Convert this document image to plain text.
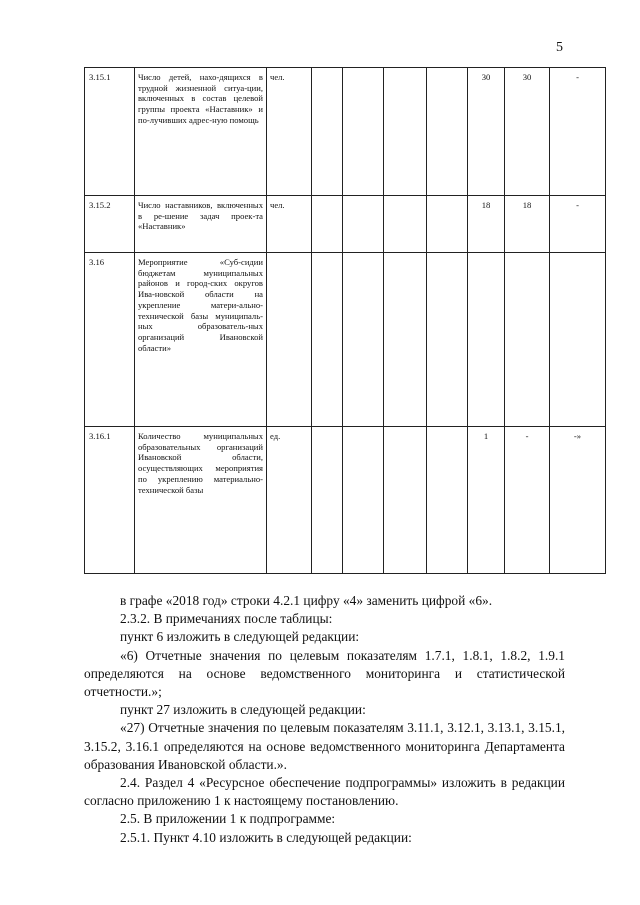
5
3.15.1	Число детей, нахо-дящихся в трудной жизненной ситуа-ции, включенных в состав целевой группы проекта «Наставник» и по-лучивших адрес-ную помощь	чел.					30	30	-
3.15.2	Число наставников, включенных в ре-шение задач проек-та «Наставник»	чел.					18	18	-
3.16	Мероприятие «Суб-сидии бюджетам муниципальных районов и город-ских округов Ива-новской области на укрепление матери-ально-технической базы муниципаль-ных образователь-ных организаций Ивановской области»								
3.16.1	Количество муниципальных образовательных организаций Ивановской области, осуществляющих мероприятия по укреплению материально-технической базы	ед.					1	-	-»

в графе «2018 год» строки 4.2.1 цифру «4» заменить цифрой «6».

2.3.2. В примечаниях после таблицы:

пункт 6 изложить в следующей редакции:

«6) Отчетные значения по целевым показателям 1.7.1, 1.8.1, 1.8.2, 1.9.1 определяются на основе ведомственного мониторинга и статистической отчетности.»;

пункт 27 изложить в следующей редакции:

«27) Отчетные значения по целевым показателям 3.11.1, 3.12.1, 3.13.1, 3.15.1, 3.15.2, 3.16.1 определяются на основе ведомственного мониторинга Департамента образования Ивановской области.».

2.4. Раздел 4 «Ресурсное обеспечение подпрограммы» изложить в редакции согласно приложению 1 к настоящему постановлению.

2.5. В приложении 1 к подпрограмме:

2.5.1. Пункт 4.10 изложить в следующей редакции:
